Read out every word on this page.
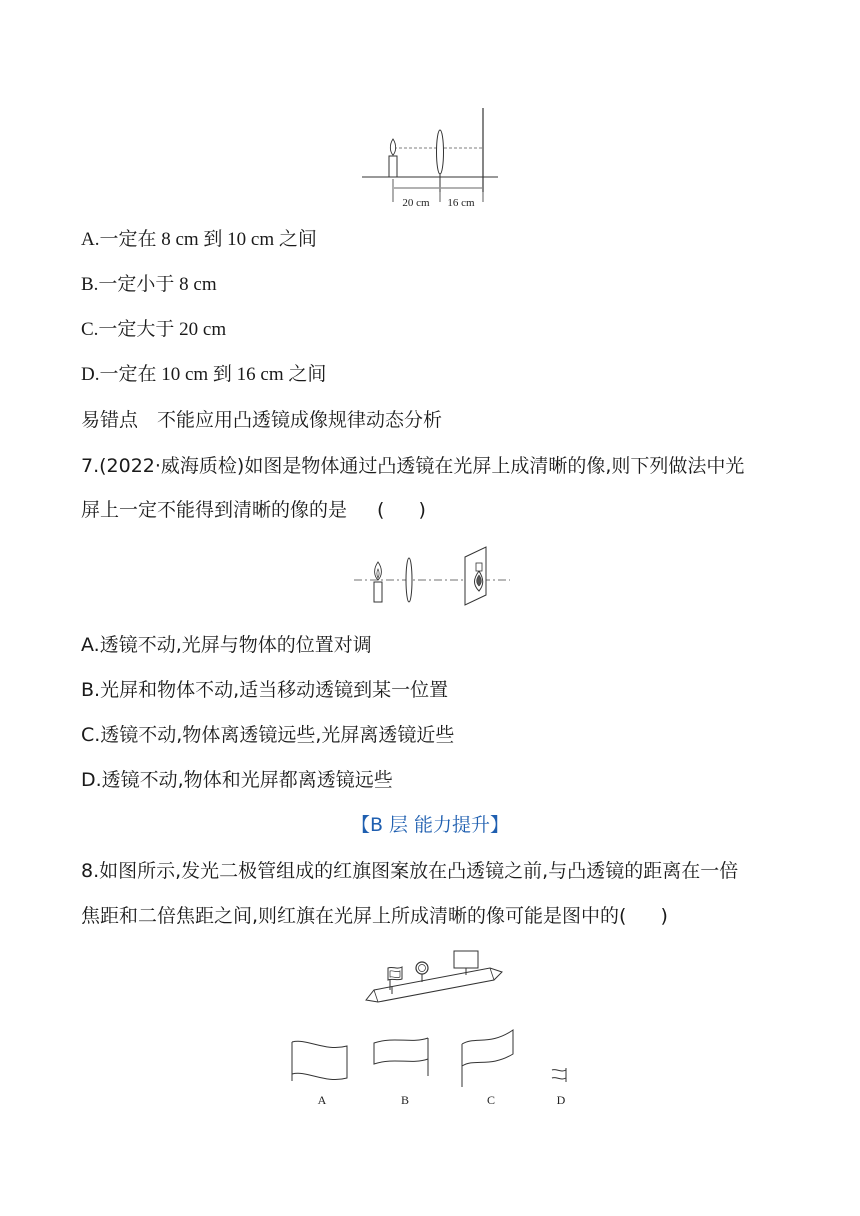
20 cm 16 cm
A.一定在 8 cm 到 10 cm 之间
B.一定小于 8 cm
C.一定大于 20 cm
D.一定在 10 cm 到 16 cm 之间
易错点　不能应用凸透镜成像规律动态分析
7.(2022·威海质检)如图是物体通过凸透镜在光屏上成清晰的像,则下列做法中光
屏上一定不能得到清晰的像的是 ( )
A.透镜不动,光屏与物体的位置对调
B.光屏和物体不动,适当移动透镜到某一位置
C.透镜不动,物体离透镜远些,光屏离透镜近些
D.透镜不动,物体和光屏都离透镜远些
【B 层 能力提升】
8.如图所示,发光二极管组成的红旗图案放在凸透镜之前,与凸透镜的距离在一倍
焦距和二倍焦距之间,则红旗在光屏上所成清晰的像可能是图中的( )
A	B	C	D
